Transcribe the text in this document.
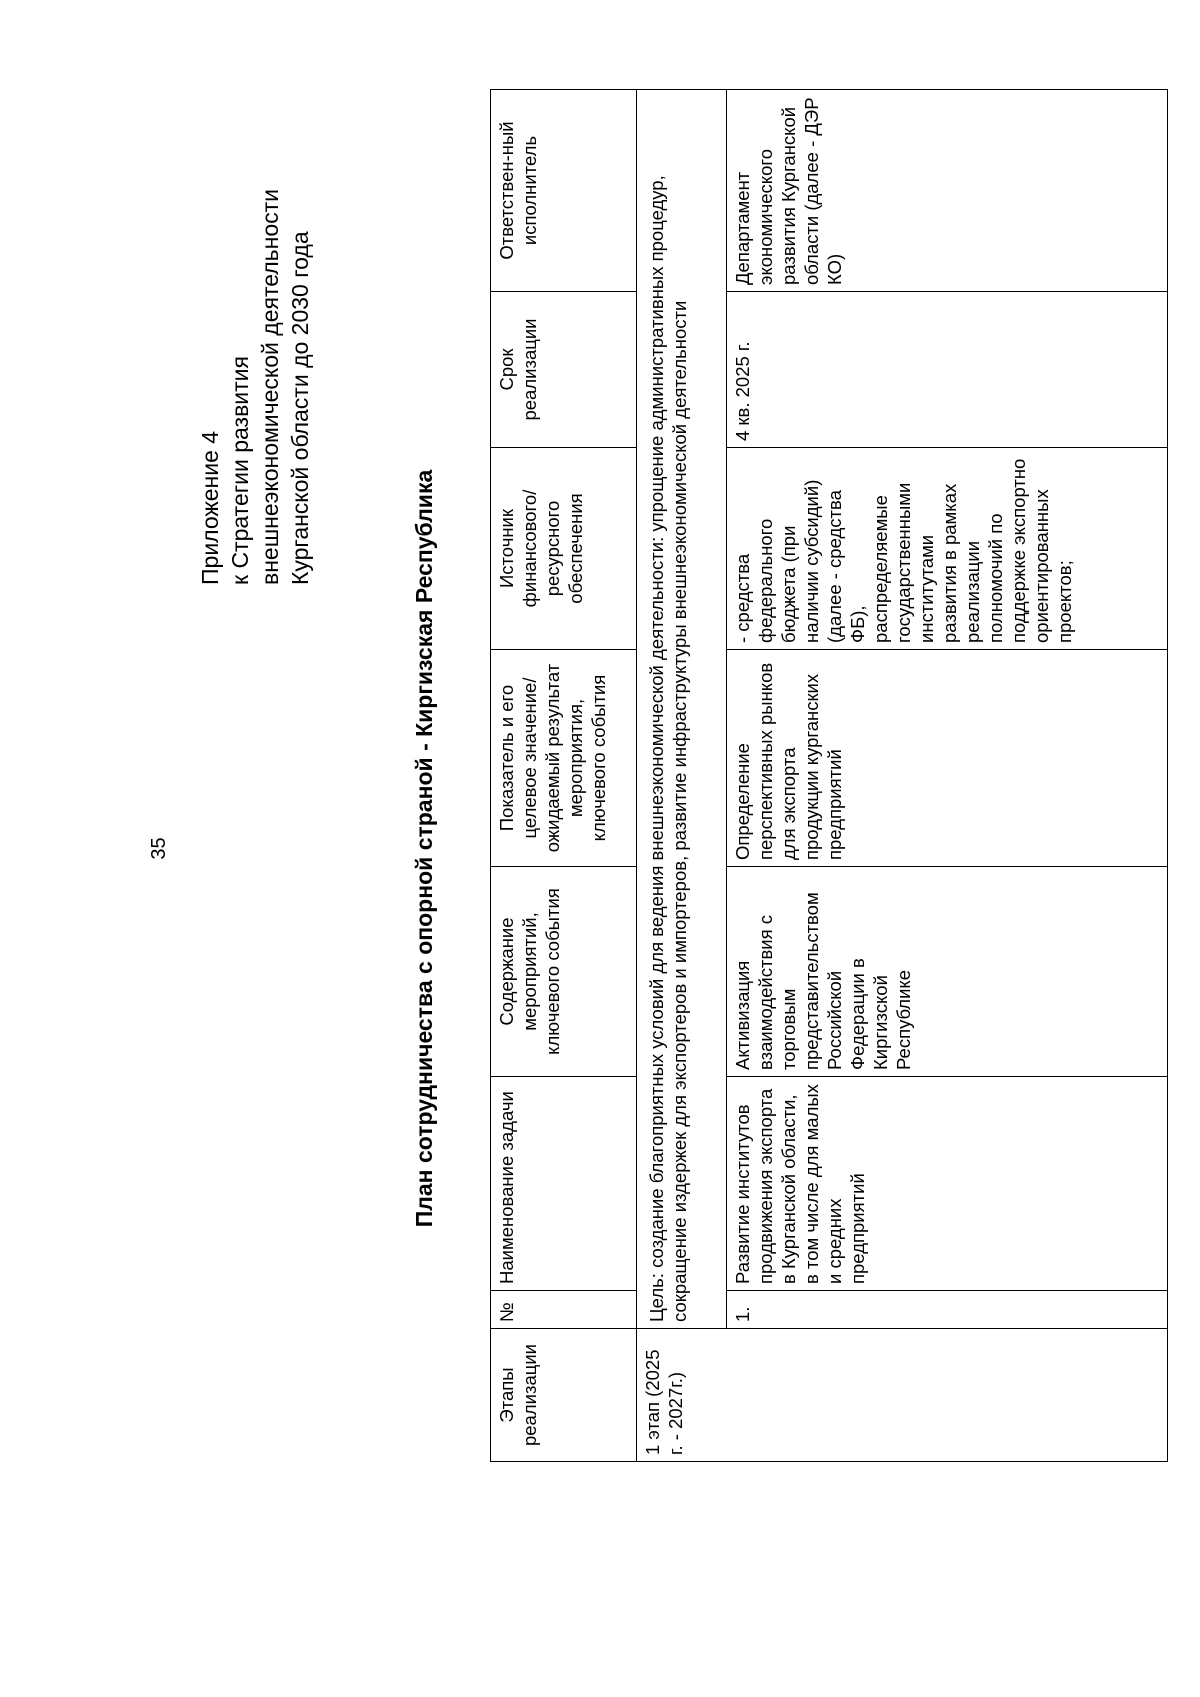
35
Приложение 4 к Стратегии развития внешнеэкономической деятельности Курганской области до 2030 года
План сотрудничества с опорной страной - Киргизская Республика
Этапы реализации	№	Наименование задачи	Содержание мероприятий, ключевого события	Показатель и его целевое значение/ ожидаемый результат мероприятия, ключевого события	Источник финансового/ ресурсного обеспечения	Срок реализации	Ответствен-ный исполнитель
1 этап (2025 г. - 2027г.)	Цель: создание благоприятных условий для ведения внешнеэкономической деятельности: упрощение административных процедур, сокращение издержек для экспортеров и импортеров, развитие инфраструктуры внешнеэкономической деятельности						
	1.	Развитие институтов продвижения экспорта в Курганской области, в том числе для малых и средних предприятий	Активизация взаимодействия с торговым представительством Российской Федерации в Киргизской Республике	Определение перспективных рынков для экспорта продукции курганских предприятий	- средства федерального бюджета (при наличии субсидий) (далее - средства ФБ), распределяемые государственными институтами развития в рамках реализации полномочий по поддержке экспортно ориентированных проектов;	4 кв. 2025 г.	Департамент экономического развития Курганской области (далее - ДЭР КО)
